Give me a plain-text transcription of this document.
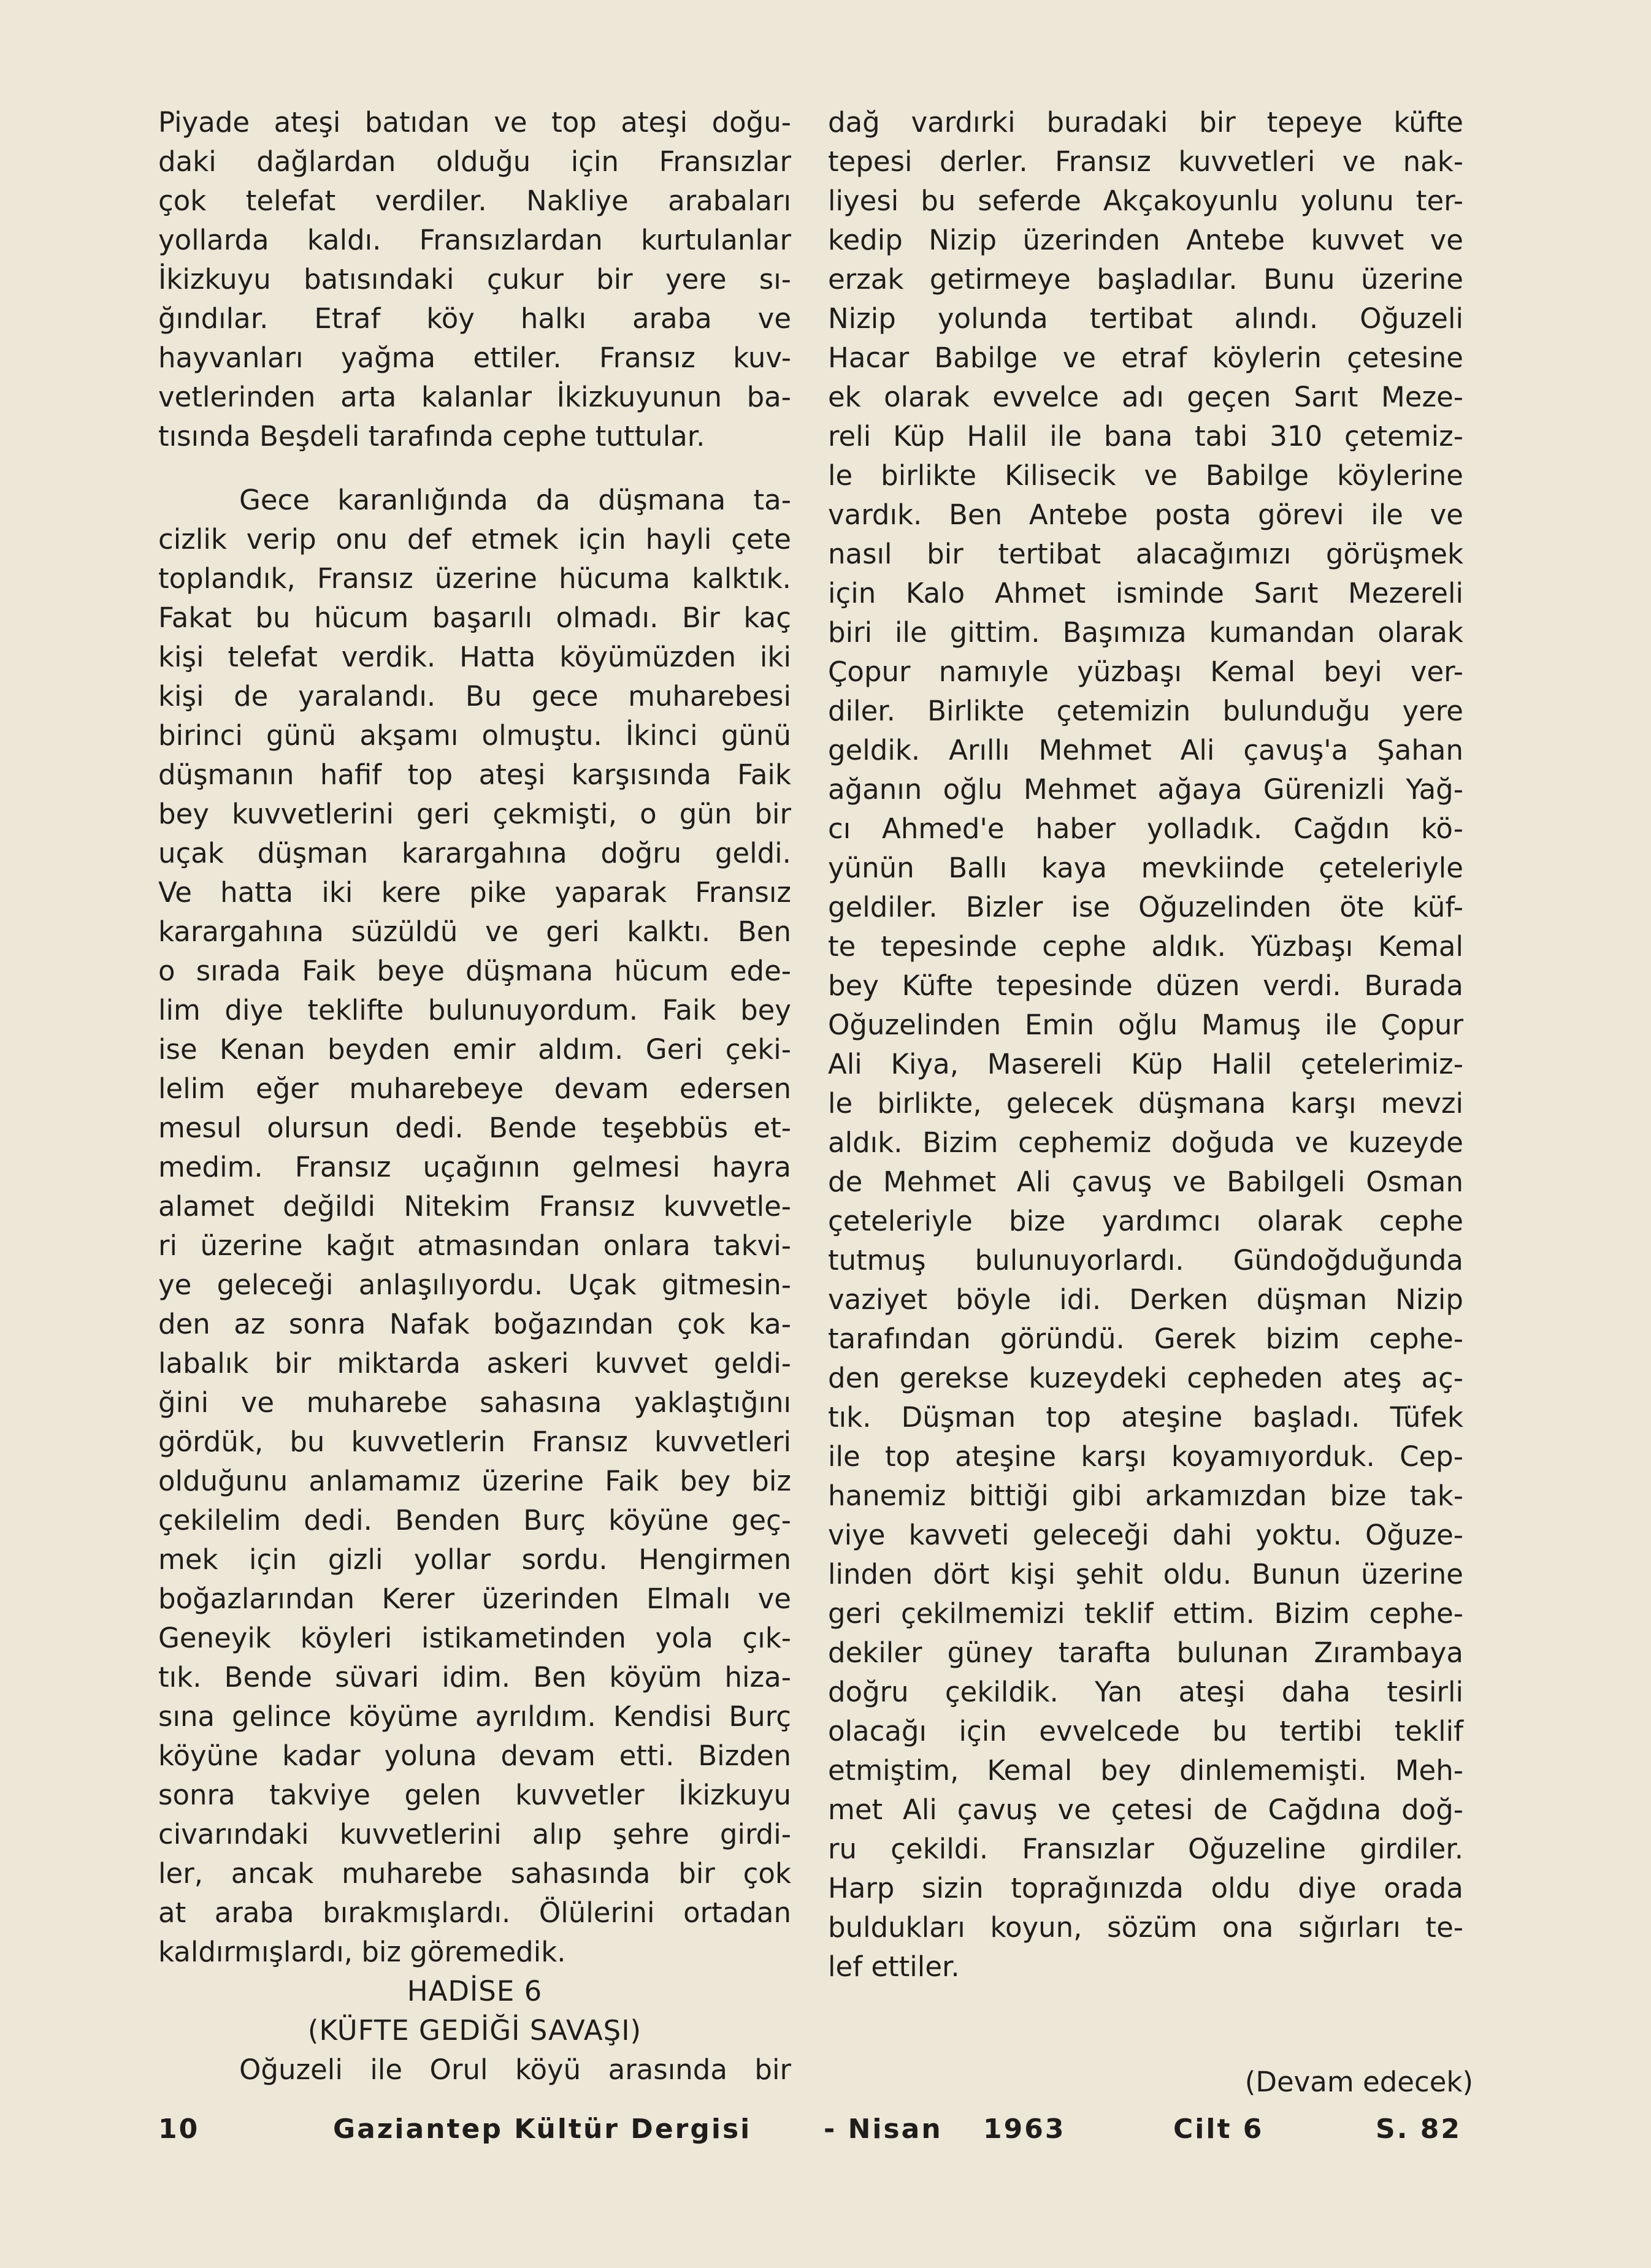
Piyade ateşi batıdan ve top ateşi doğu-
daki dağlardan olduğu için Fransızlar
çok telefat verdiler. Nakliye arabaları
yollarda kaldı. Fransızlardan kurtulanlar
İkizkuyu batısındaki çukur bir yere sı-
ğındılar. Etraf köy halkı araba ve
hayvanları yağma ettiler. Fransız kuv-
vetlerinden arta kalanlar İkizkuyunun ba-
tısında Beşdeli tarafında cephe tuttular.
Gece karanlığında da düşmana ta-
cizlik verip onu def etmek için hayli çete
toplandık, Fransız üzerine hücuma kalktık.
Fakat bu hücum başarılı olmadı. Bir kaç
kişi telefat verdik. Hatta köyümüzden iki
kişi de yaralandı. Bu gece muharebesi
birinci günü akşamı olmuştu. İkinci günü
düşmanın hafif top ateşi karşısında Faik
bey kuvvetlerini geri çekmişti, o gün bir
uçak düşman karargahına doğru geldi.
Ve hatta iki kere pike yaparak Fransız
karargahına süzüldü ve geri kalktı. Ben
o sırada Faik beye düşmana hücum ede-
lim diye teklifte bulunuyordum. Faik bey
ise Kenan beyden emir aldım. Geri çeki-
lelim eğer muharebeye devam edersen
mesul olursun dedi. Bende teşebbüs et-
medim. Fransız uçağının gelmesi hayra
alamet değildi Nitekim Fransız kuvvetle-
ri üzerine kağıt atmasından onlara takvi-
ye geleceği anlaşılıyordu. Uçak gitmesin-
den az sonra Nafak boğazından çok ka-
labalık bir miktarda askeri kuvvet geldi-
ğini ve muharebe sahasına yaklaştığını
gördük, bu kuvvetlerin Fransız kuvvetleri
olduğunu anlamamız üzerine Faik bey biz
çekilelim dedi. Benden Burç köyüne geç-
mek için gizli yollar sordu. Hengirmen
boğazlarından Kerer üzerinden Elmalı ve
Geneyik köyleri istikametinden yola çık-
tık. Bende süvari idim. Ben köyüm hiza-
sına gelince köyüme ayrıldım. Kendisi Burç
köyüne kadar yoluna devam etti. Bizden
sonra takviye gelen kuvvetler İkizkuyu
civarındaki kuvvetlerini alıp şehre girdi-
ler, ancak muharebe sahasında bir çok
at araba bırakmışlardı. Ölülerini ortadan
kaldırmışlardı, biz göremedik.
HADİSE 6
(KÜFTE GEDİĞİ SAVAŞI)
Oğuzeli ile Orul köyü arasında bir
dağ vardırki buradaki bir tepeye küfte
tepesi derler. Fransız kuvvetleri ve nak-
liyesi bu seferde Akçakoyunlu yolunu ter-
kedip Nizip üzerinden Antebe kuvvet ve
erzak getirmeye başladılar. Bunu üzerine
Nizip yolunda tertibat alındı. Oğuzeli
Hacar Babilge ve etraf köylerin çetesine
ek olarak evvelce adı geçen Sarıt Meze-
reli Küp Halil ile bana tabi 310 çetemiz-
le birlikte Kilisecik ve Babilge köylerine
vardık. Ben Antebe posta görevi ile ve
nasıl bir tertibat alacağımızı görüşmek
için Kalo Ahmet isminde Sarıt Mezereli
biri ile gittim. Başımıza kumandan olarak
Çopur namıyle yüzbaşı Kemal beyi ver-
diler. Birlikte çetemizin bulunduğu yere
geldik. Arıllı Mehmet Ali çavuş'a Şahan
ağanın oğlu Mehmet ağaya Gürenizli Yağ-
cı Ahmed'e haber yolladık. Cağdın kö-
yünün Ballı kaya mevkiinde çeteleriyle
geldiler. Bizler ise Oğuzelinden öte küf-
te tepesinde cephe aldık. Yüzbaşı Kemal
bey Küfte tepesinde düzen verdi. Burada
Oğuzelinden Emin oğlu Mamuş ile Çopur
Ali Kiya, Masereli Küp Halil çetelerimiz-
le birlikte, gelecek düşmana karşı mevzi
aldık. Bizim cephemiz doğuda ve kuzeyde
de Mehmet Ali çavuş ve Babilgeli Osman
çeteleriyle bize yardımcı olarak cephe
tutmuş bulunuyorlardı. Gündoğduğunda
vaziyet böyle idi. Derken düşman Nizip
tarafından göründü. Gerek bizim cephe-
den gerekse kuzeydeki cepheden ateş aç-
tık. Düşman top ateşine başladı. Tüfek
ile top ateşine karşı koyamıyorduk. Cep-
hanemiz bittiği gibi arkamızdan bize tak-
viye kavveti geleceği dahi yoktu. Oğuze-
linden dört kişi şehit oldu. Bunun üzerine
geri çekilmemizi teklif ettim. Bizim cephe-
dekiler güney tarafta bulunan Zırambaya
doğru çekildik. Yan ateşi daha tesirli
olacağı için evvelcede bu tertibi teklif
etmiştim, Kemal bey dinlememişti. Meh-
met Ali çavuş ve çetesi de Cağdına doğ-
ru çekildi. Fransızlar Oğuzeline girdiler.
Harp sizin toprağınızda oldu diye orada
buldukları koyun, sözüm ona sığırları te-
lef ettiler.
(Devam edecek)
10	Gaziantep Kültür Dergisi	- Nisan 1963	Cilt 6	S. 82
